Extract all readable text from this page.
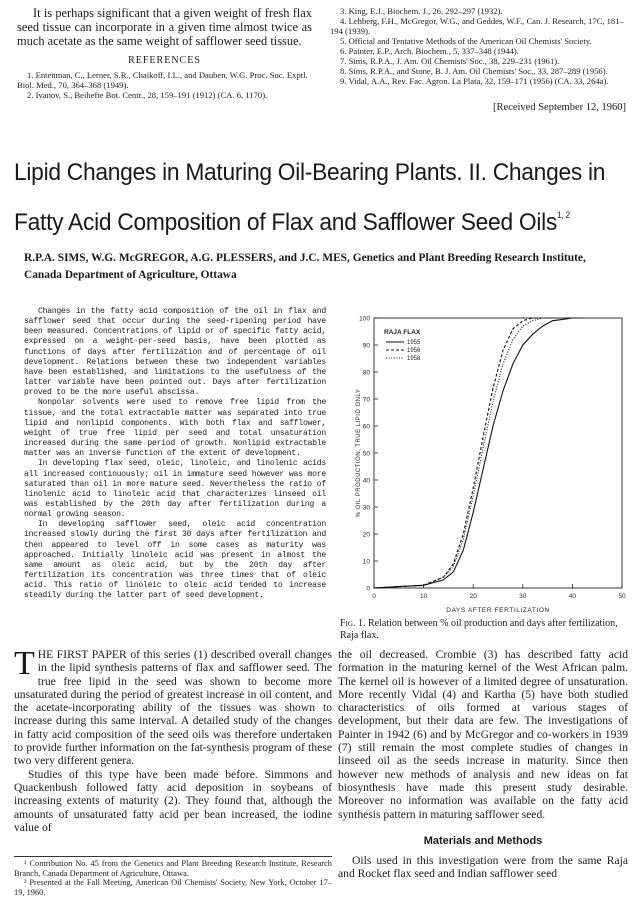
It is perhaps significant that a given weight of fresh flax seed tissue can incorporate in a given time almost twice as much acetate as the same weight of safflower seed tissue.

REFERENCES

1. Entenman, C., Lerner, S.R., Chaikoff, I.L., and Dauben, W.G. Proc. Soc. Exptl. Biol. Med., 70, 364–368 (1949).

2. Ivanov, S., Beihefte Bot. Centr., 28, 159–191 (1912) (CA. 6, 1170).

3. King, E.J., Biochem. J., 26, 292–297 (1932).

4. Lehberg, F.H., McGregor, W.G., and Geddes, W.F., Can. J. Research, 17C, 181–194 (1939).

5. Official and Tentative Methods of the American Oil Chemists' Society.

6. Painter, E.P., Arch. Biochem., 5, 337–348 (1944).

7. Sims, R.P.A., J. Am. Oil Chemists' Soc., 38, 229–231 (1961).

8. Sims, R.P.A., and Stone, B. J. Am. Oil Chemists' Soc., 33, 287–289 (1956).

9. Vidal, A.A., Rev. Fac. Agron. La Plata, 32, 159–171 (1956) (CA. 33, 264a).

[Received September 12, 1960]
Lipid Changes in Maturing Oil-Bearing Plants. II. Changes in
Fatty Acid Composition of Flax and Safflower Seed Oils$^{1, 2}$
R.P.A. SIMS, W.G. McGREGOR, A.G. PLESSERS, and J.C. MES, Genetics and Plant Breeding Research Institute, Canada Department of Agriculture, Ottawa

Changes in the fatty acid composition of the oil in flax and safflower seed that occur during the seed-ripening period have been measured. Concentrations of lipid or of specific fatty acid, expressed on a weight-per-seed basis, have been plotted as functions of days after fertilization and of percentage of oil development. Relations between these two independent variables have been established, and limitations to the usefulness of the latter variable have been pointed out. Days after fertilization proved to be the more useful abscissa.

Nonpolar solvents were used to remove free lipid from the tissue, and the total extractable matter was separated into true lipid and nonlipid components. With both flax and safflower, weight of true free lipid per seed and total unsaturation increased during the same period of growth. Nonlipid extractable matter was an inverse function of the extent of development.

In developing flax seed, oleic, linoleic, and linolenic acids all increased continuously; oil in immature seed however was more saturated than oil in more mature seed. Nevertheless the ratio of linolenic acid to linoleic acid that characterizes linseed oil was established by the 20th day after fertilization during a normal growing season.

In developing safflower seed, oleic acid concentration increased slowly during the first 30 days after fertilization and then appeared to level off in some cases as maturity was approached. Initially linoleic acid was present in almost the same amount as oleic acid, but by the 20th day after fertilization its concentration was three times that of oleic acid. This ratio of linoleic to oleic acid tended to increase steadily during the latter part of seed development.	0	10	20	30	40	50
0
10
20
30
40
50
60
70
80
90
100
DAYS AFTER FERTILIZATION
% OIL PRODUCTION, TRUE LIPID ONLY
RAJA FLAX
1955
1956
1958
Fig. 1. Relation between % oil production and days after fertilization, Raja flax.

THE FIRST PAPER of this series (1) described overall changes in the lipid synthesis patterns of flax and safflower seed. The true free lipid in the seed was shown to become more unsaturated during the period of greatest increase in oil content, and the acetate-incorporating ability of the tissues was shown to increase during this same interval. A detailed study of the changes in fatty acid composition of the seed oils was therefore undertaken to provide further information on the fat-synthesis program of these two very different genera.

Studies of this type have been made before. Simmons and Quackenbush followed fatty acid deposition in soybeans of increasing extents of maturity (2). They found that, although the amounts of unsaturated fatty acid per bean increased, the iodine value of

the oil decreased. Crombie (3) has described fatty acid formation in the maturing kernel of the West African palm. The kernel oil is however of a limited degree of unsaturation. More recently Vidal (4) and Kartha (5) have both studied characteristics of oils formed at various stages of development, but their data are few. The investigations of Painter in 1942 (6) and by McGregor and co-workers in 1939 (7) still remain the most complete studies of changes in linseed oil as the seeds increase in maturity. Since then however new methods of analysis and new ideas on fat biosynthesis have made this present study desirable. Moreover no information was available on the fatty acid synthesis pattern in maturing safflower seed.

Materials and Methods

Oils used in this investigation were from the same Raja and Rocket flax seed and Indian safflower seed

¹ Contribution No. 45 from the Genetics and Plant Breeding Research Institute, Research Branch, Canada Department of Agriculture, Ottawa.

² Presented at the Fall Meeting, American Oil Chemists' Society, New York, October 17–19, 1960.
